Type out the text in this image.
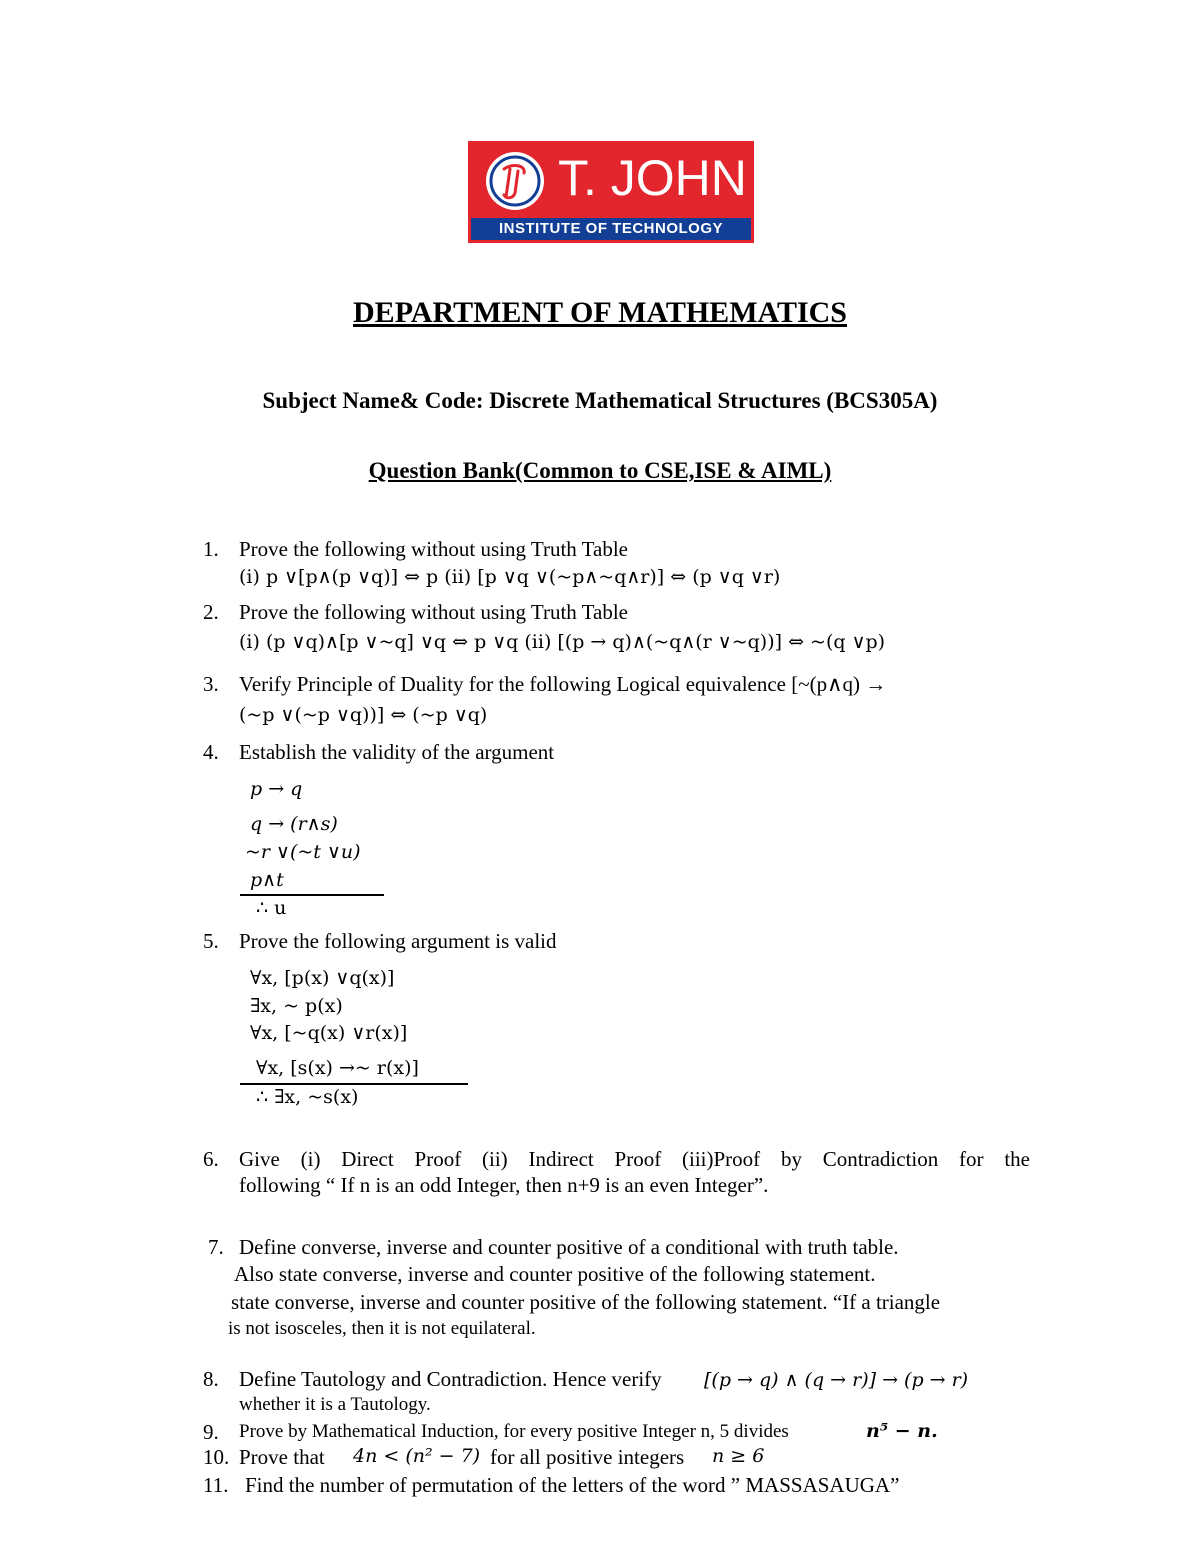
T. JOHN
INSTITUTE OF TECHNOLOGY
DEPARTMENT OF MATHEMATICS
Subject Name& Code: Discrete Mathematical Structures (BCS305A)
Question Bank(Common to CSE,ISE & AIML)
1. Prove the following without using Truth Table
(i) p ∨[p∧(p ∨q)] ⇔ p (ii) [p ∨q ∨(~p∧~q∧r)] ⇔ (p ∨q ∨r)
2. Prove the following without using Truth Table
(i) (p ∨q)∧[p ∨~q] ∨q ⇔ p ∨q (ii) [(p → q)∧(~q∧(r ∨~q))] ⇔ ~(q ∨p)
3. Verify Principle of Duality for the following Logical equivalence [~(p∧q) →
(~p ∨(~p ∨q))] ⇔ (~p ∨q)
4. Establish the validity of the argument
p → q
q → (r∧s)
~r ∨(~t ∨u)
p∧t
∴ u
5. Prove the following argument is valid
∀x, [p(x) ∨q(x)]
∃x, ~ p(x)
∀x, [~q(x) ∨r(x)]
∀x, [s(x) →~ r(x)]
∴ ∃x, ~s(x)
6. Give (i) Direct Proof (ii) Indirect Proof (iii)Proof by Contradiction for the
following “ If n is an odd Integer, then n+9 is an even Integer”.
7. Define converse, inverse and counter positive of a conditional with truth table.
Also state converse, inverse and counter positive of the following statement.
state converse, inverse and counter positive of the following statement. “If a triangle
is not isosceles, then it is not equilateral.
8. Define Tautology and Contradiction. Hence verify [(p → q) ∧ (q → r)] → (p → r)
whether it is a Tautology.
9. Prove by Mathematical Induction, for every positive Integer n, 5 divides	n⁵ − n.
10. Prove that 4n < (n² − 7) for all positive integers n ≥ 6
11. Find the number of permutation of the letters of the word ” MASSASAUGA”
